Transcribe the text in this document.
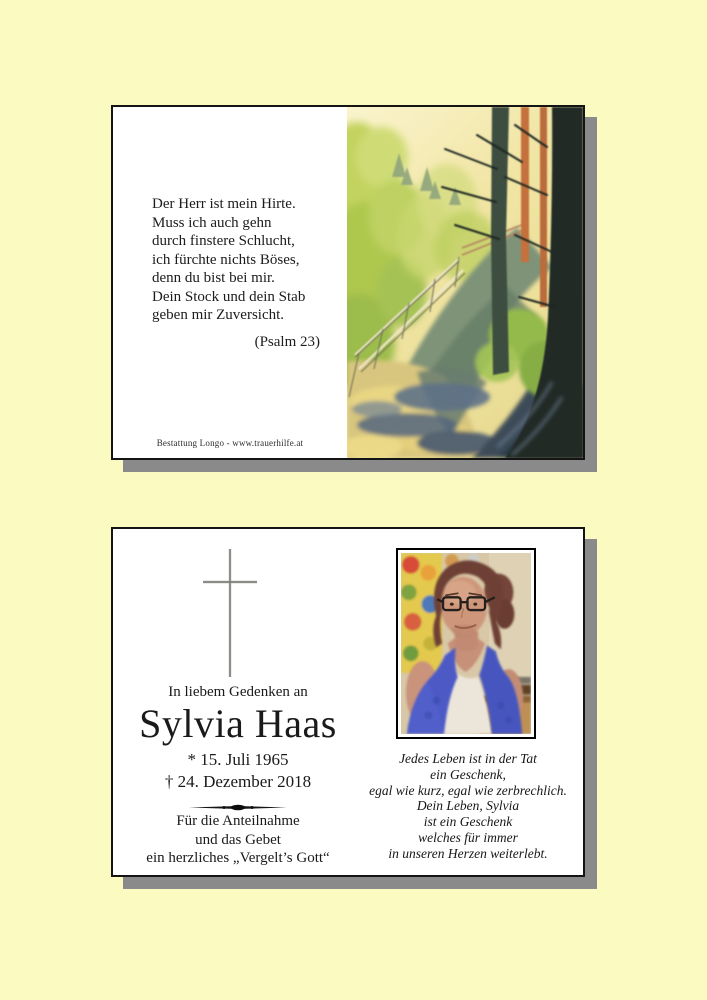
Der Herr ist mein Hirte.
Muss ich auch gehn
durch finstere Schlucht,
ich fürchte nichts Böses,
denn du bist bei mir.
Dein Stock und dein Stab
geben mir Zuversicht.
(Psalm 23)
Bestattung Longo - www.trauerhilfe.at
In liebem Gedenken an
Sylvia Haas
* 15. Juli 1965
† 24. Dezember 2018
Für die Anteilnahme
und das Gebet
ein herzliches „Vergelt’s Gott“
Jedes Leben ist in der Tat
ein Geschenk,
egal wie kurz, egal wie zerbrechlich.
Dein Leben, Sylvia
ist ein Geschenk
welches für immer
in unseren Herzen weiterlebt.
